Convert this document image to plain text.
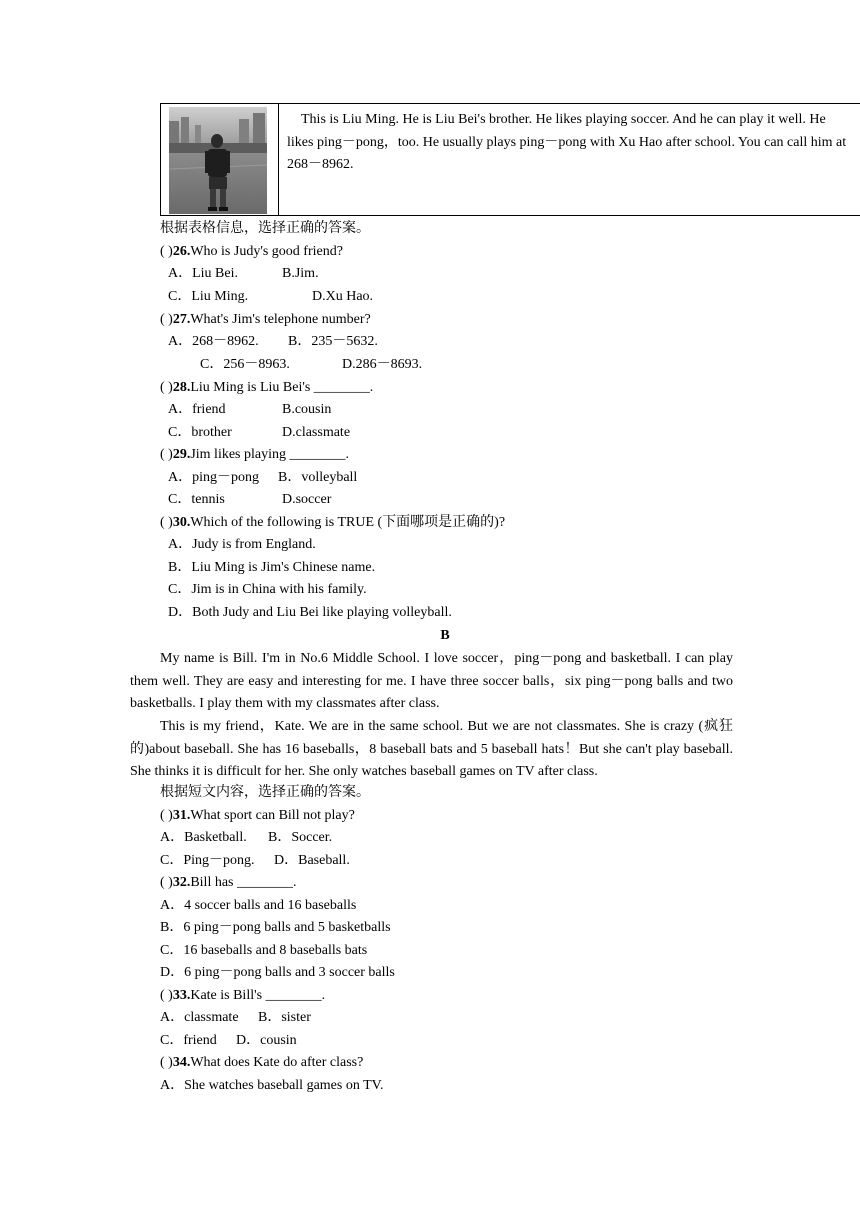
This is Liu Ming. He is Liu Bei's brother. He likes playing soccer. And he can play it well. He
likes ping－pong，too. He usually plays ping－pong with Xu Hao after school. You can call him at
268－8962.
根据表格信息，选择正确的答案。
( )26.Who is Judy's good friend?
A．Liu Bei.	B.Jim.
C．Liu Ming.	D.Xu Hao.
( )27.What's Jim's telephone number?
A．268－8962. B．235－5632.
C．256－8963.	D.286－8693.
( )28.Liu Ming is Liu Bei's ________.
A．friend	B.cousin
C．brother	D.classmate
( )29.Jim likes playing ________.
A．ping－pong B．volleyball
C．tennis	D.soccer
( )30.Which of the following is TRUE (下面哪项是正确的)?
A．Judy is from England.
B．Liu Ming is Jim's Chinese name.
C．Jim is in China with his family.
D．Both Judy and Liu Bei like playing volleyball.
B
My name is Bill. I'm in No.6 Middle School. I love soccer，ping－pong and basketball. I can play them well. They are easy and interesting for me. I have three soccer balls，six ping－pong balls and two basketballs. I play them with my classmates after class.
This is my friend，Kate. We are in the same school. But we are not classmates. She is crazy (疯狂的)about baseball. She has 16 baseballs，8 baseball bats and 5 baseball hats！But she can't play baseball. She thinks it is difficult for her. She only watches baseball games on TV after class.
根据短文内容，选择正确的答案。
( )31.What sport can Bill not play?
A．Basketball. B．Soccer.
C．Ping－pong. D．Baseball.
( )32.Bill has ________.
A．4 soccer balls and 16 baseballs
B．6 ping－pong balls and 5 basketballs
C．16 baseballs and 8 baseballs bats
D．6 ping－pong balls and 3 soccer balls
( )33.Kate is Bill's ________.
A．classmate B．sister
C．friend D．cousin
( )34.What does Kate do after class?
A．She watches baseball games on TV.
